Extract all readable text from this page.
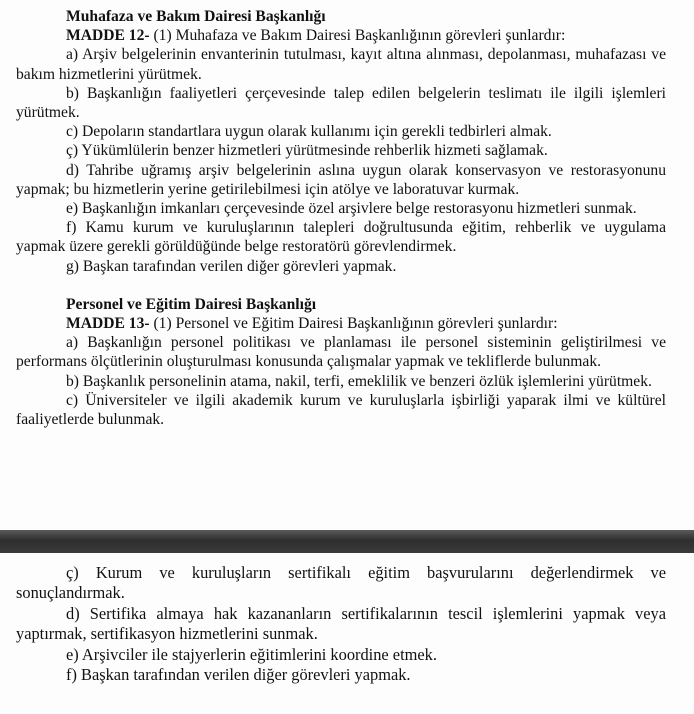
Muhafaza ve Bakım Dairesi Başkanlığı

MADDE 12- (1) Muhafaza ve Bakım Dairesi Başkanlığının görevleri şunlardır:

a) Arşiv belgelerinin envanterinin tutulması, kayıt altına alınması, depolanması, muhafazası ve bakım hizmetlerini yürütmek.

b) Başkanlığın faaliyetleri çerçevesinde talep edilen belgelerin teslimatı ile ilgili işlemleri yürütmek.

c) Depoların standartlara uygun olarak kullanımı için gerekli tedbirleri almak.

ç) Yükümlülerin benzer hizmetleri yürütmesinde rehberlik hizmeti sağlamak.

d) Tahribe uğramış arşiv belgelerinin aslına uygun olarak konservasyon ve restorasyonunu yapmak; bu hizmetlerin yerine getirilebilmesi için atölye ve laboratuvar kurmak.

e) Başkanlığın imkanları çerçevesinde özel arşivlere belge restorasyonu hizmetleri sunmak.

f) Kamu kurum ve kuruluşlarının talepleri doğrultusunda eğitim, rehberlik ve uygulama yapmak üzere gerekli görüldüğünde belge restoratörü görevlendirmek.

g) Başkan tarafından verilen diğer görevleri yapmak.

Personel ve Eğitim Dairesi Başkanlığı

MADDE 13- (1) Personel ve Eğitim Dairesi Başkanlığının görevleri şunlardır:

a) Başkanlığın personel politikası ve planlaması ile personel sisteminin geliştirilmesi ve performans ölçütlerinin oluşturulması konusunda çalışmalar yapmak ve tekliflerde bulunmak.

b) Başkanlık personelinin atama, nakil, terfi, emeklilik ve benzeri özlük işlemlerini yürütmek.

c) Üniversiteler ve ilgili akademik kurum ve kuruluşlarla işbirliği yaparak ilmi ve kültürel faaliyetlerde bulunmak.

ç) Kurum ve kuruluşların sertifikalı eğitim başvurularını değerlendirmek ve sonuçlandırmak.

d) Sertifika almaya hak kazananların sertifikalarının tescil işlemlerini yapmak veya yaptırmak, sertifikasyon hizmetlerini sunmak.

e) Arşivciler ile stajyerlerin eğitimlerini koordine etmek.

f) Başkan tarafından verilen diğer görevleri yapmak.
